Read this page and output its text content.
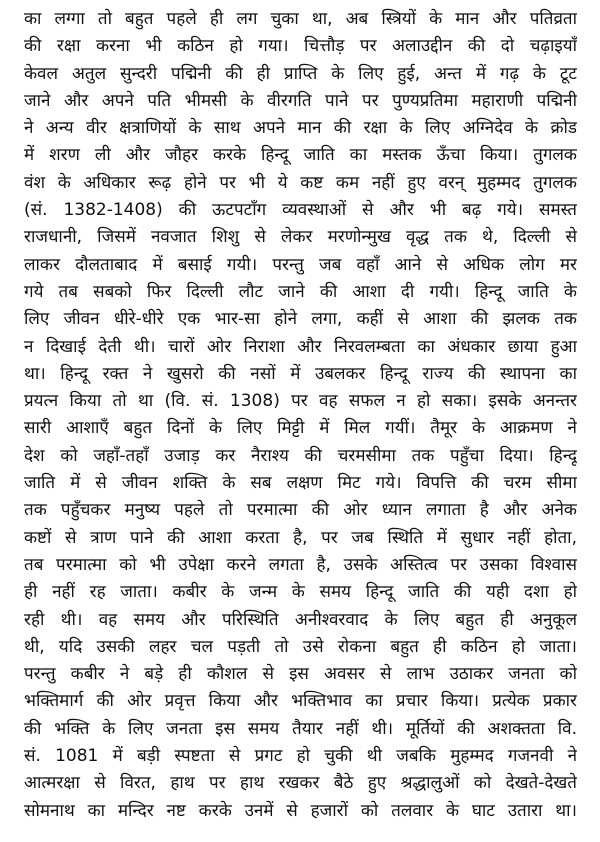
का लग्गा तो बहुत पहले ही लग चुका था, अब स्त्रियों के मान और पतिव्रता
की रक्षा करना भी कठिन हो गया। चित्तौड़ पर अलाउद्दीन की दो चढ़ाइयाँ
केवल अतुल सुन्दरी पद्मिनी की ही प्राप्ति के लिए हुई, अन्त में गढ़ के टूट
जाने और अपने पति भीमसी के वीरगति पाने पर पुण्यप्रतिमा महाराणी पद्मिनी
ने अन्य वीर क्षत्राणियों के साथ अपने मान की रक्षा के लिए अग्निदेव के क्रोड
में शरण ली और जौहर करके हिन्दू जाति का मस्तक ऊँचा किया। तुगलक
वंश के अधिकार रूढ़ होने पर भी ये कष्ट कम नहीं हुए वरन् मुहम्मद तुगलक
(सं. 1382-1408) की ऊटपटाँग व्यवस्थाओं से और भी बढ़ गये। समस्त
राजधानी, जिसमें नवजात शिशु से लेकर मरणोन्मुख वृद्ध तक थे, दिल्ली से
लाकर दौलताबाद में बसाई गयी। परन्तु जब वहाँ आने से अधिक लोग मर
गये तब सबको फिर दिल्ली लौट जाने की आशा दी गयी। हिन्दू जाति के
लिए जीवन धीरे-धीरे एक भार-सा होने लगा, कहीं से आशा की झलक तक
न दिखाई देती थी। चारों ओर निराशा और निरवलम्बता का अंधकार छाया हुआ
था। हिन्दू रक्त ने खुसरो की नसों में उबलकर हिन्दू राज्य की स्थापना का
प्रयत्न किया तो था (वि. सं. 1308) पर वह सफल न हो सका। इसके अनन्तर
सारी आशाएँ बहुत दिनों के लिए मिट्टी में मिल गयीं। तैमूर के आक्रमण ने
देश को जहाँ-तहाँ उजाड़ कर नैराश्य की चरमसीमा तक पहुँचा दिया। हिन्दू
जाति में से जीवन शक्ति के सब लक्षण मिट गये। विपत्ति की चरम सीमा
तक पहुँचकर मनुष्य पहले तो परमात्मा की ओर ध्यान लगाता है और अनेक
कष्टों से त्राण पाने की आशा करता है, पर जब स्थिति में सुधार नहीं होता,
तब परमात्मा को भी उपेक्षा करने लगता है, उसके अस्तित्व पर उसका विश्वास
ही नहीं रह जाता। कबीर के जन्म के समय हिन्दू जाति की यही दशा हो
रही थी। वह समय और परिस्थिति अनीश्वरवाद के लिए बहुत ही अनुकूल
थी, यदि उसकी लहर चल पड़ती तो उसे रोकना बहुत ही कठिन हो जाता।
परन्तु कबीर ने बड़े ही कौशल से इस अवसर से लाभ उठाकर जनता को
भक्तिमार्ग की ओर प्रवृत्त किया और भक्तिभाव का प्रचार किया। प्रत्येक प्रकार
की भक्ति के लिए जनता इस समय तैयार नहीं थी। मूर्तियों की अशक्तता वि.
सं. 1081 में बड़ी स्पष्टता से प्रगट हो चुकी थी जबकि मुहम्मद गजनवी ने
आत्मरक्षा से विरत, हाथ पर हाथ रखकर बैठे हुए श्रद्धालुओं को देखते-देखते
सोमनाथ का मन्दिर नष्ट करके उनमें से हजारों को तलवार के घाट उतारा था।
